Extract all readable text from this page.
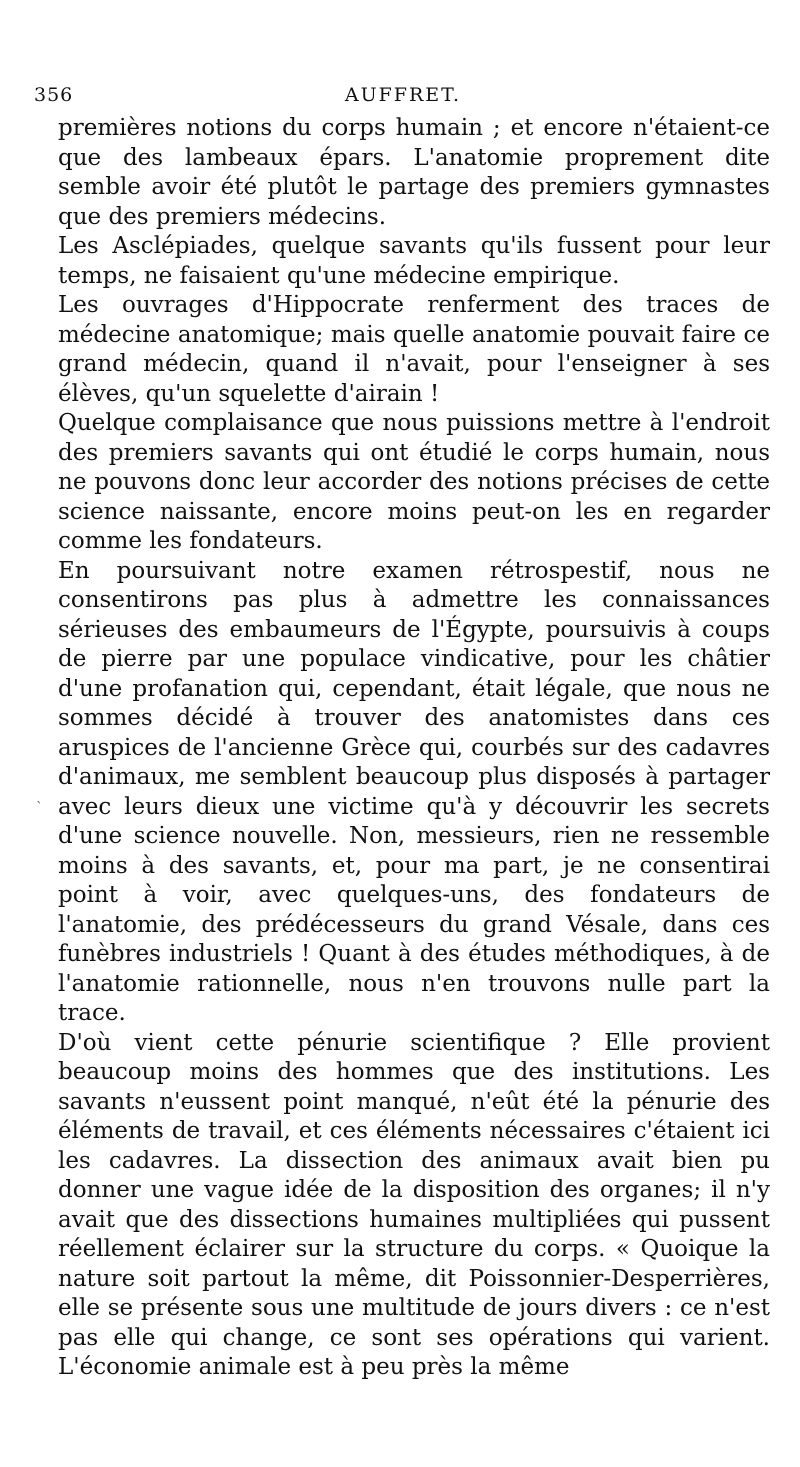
356	AUFFRET.
`

premières notions du corps humain ; et encore n'étaient-ce que des lambeaux épars. L'anatomie proprement dite semble avoir été plutôt le partage des premiers gymnastes que des premiers médecins.

Les Asclépiades, quelque savants qu'ils fussent pour leur temps, ne faisaient qu'une médecine empirique.

Les ouvrages d'Hippocrate renferment des traces de médecine anatomique; mais quelle anatomie pouvait faire ce grand médecin, quand il n'avait, pour l'enseigner à ses élèves, qu'un squelette d'airain !

Quelque complaisance que nous puissions mettre à l'endroit des premiers savants qui ont étudié le corps humain, nous ne pouvons donc leur accorder des notions précises de cette science naissante, encore moins peut-on les en regarder comme les fondateurs.

En poursuivant notre examen rétrospestif, nous ne consentirons pas plus à admettre les connaissances sérieuses des embaumeurs de l'Égypte, poursuivis à coups de pierre par une populace vindicative, pour les châtier d'une profanation qui, cependant, était légale, que nous ne sommes décidé à trouver des anatomistes dans ces aruspices de l'ancienne Grèce qui, courbés sur des cadavres d'animaux, me semblent beaucoup plus disposés à partager avec leurs dieux une victime qu'à y découvrir les secrets d'une science nouvelle. Non, messieurs, rien ne ressemble moins à des savants, et, pour ma part, je ne consentirai point à voir, avec quelques-uns, des fondateurs de l'anatomie, des prédécesseurs du grand Vésale, dans ces funèbres industriels ! Quant à des études méthodiques, à de l'anatomie rationnelle, nous n'en trouvons nulle part la trace.

D'où vient cette pénurie scientifique ? Elle provient beaucoup moins des hommes que des institutions. Les savants n'eussent point manqué, n'eût été la pénurie des éléments de travail, et ces éléments nécessaires c'étaient ici les cadavres. La dissection des animaux avait bien pu donner une vague idée de la disposition des organes; il n'y avait que des dissections humaines multipliées qui pussent réellement éclairer sur la structure du corps. « Quoique la nature soit partout la même, dit Poissonnier-Desperrières, elle se présente sous une multitude de jours divers : ce n'est pas elle qui change, ce sont ses opérations qui varient. L'économie animale est à peu près la même
